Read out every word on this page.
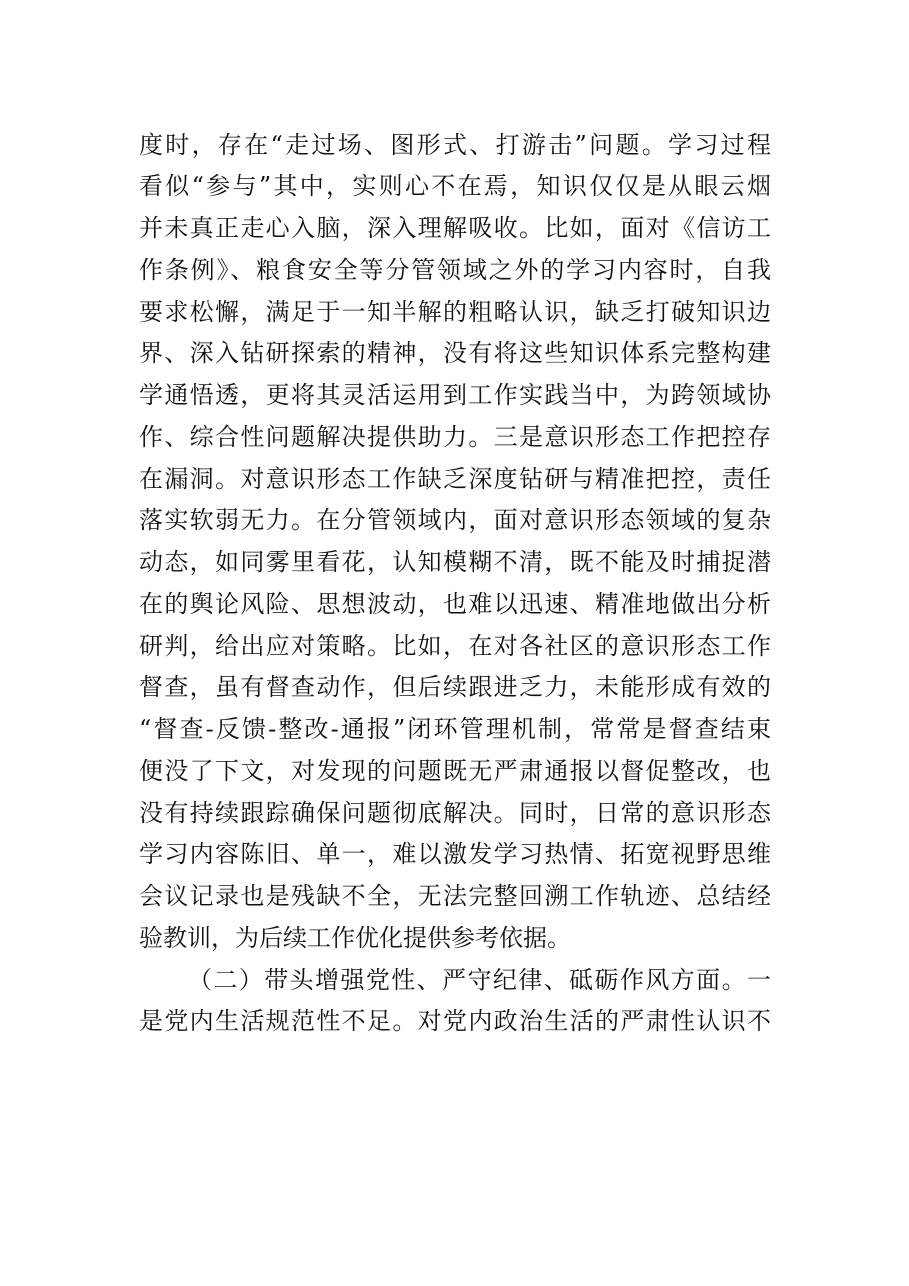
度时，存在“走过场、图形式、打游击”问题。学习过程
看似“参与”其中，实则心不在焉，知识仅仅是从眼云烟
并未真正走心入脑，深入理解吸收。比如，面对《信访工
作条例》、粮食安全等分管领域之外的学习内容时，自我
要求松懈，满足于一知半解的粗略认识，缺乏打破知识边
界、深入钻研探索的精神，没有将这些知识体系完整构建
学通悟透，更将其灵活运用到工作实践当中，为跨领域协
作、综合性问题解决提供助力。三是意识形态工作把控存
在漏洞。对意识形态工作缺乏深度钻研与精准把控，责任
落实软弱无力。在分管领域内，面对意识形态领域的复杂
动态，如同雾里看花，认知模糊不清，既不能及时捕捉潜
在的舆论风险、思想波动，也难以迅速、精准地做出分析
研判，给出应对策略。比如，在对各社区的意识形态工作
督查，虽有督查动作，但后续跟进乏力，未能形成有效的
“督查-反馈-整改-通报”闭环管理机制，常常是督查结束
便没了下文，对发现的问题既无严肃通报以督促整改，也
没有持续跟踪确保问题彻底解决。同时，日常的意识形态
学习内容陈旧、单一，难以激发学习热情、拓宽视野思维
会议记录也是残缺不全，无法完整回溯工作轨迹、总结经
验教训，为后续工作优化提供参考依据。
（二）带头增强党性、严守纪律、砥砺作风方面。一
是党内生活规范性不足。对党内政治生活的严肃性认识不
